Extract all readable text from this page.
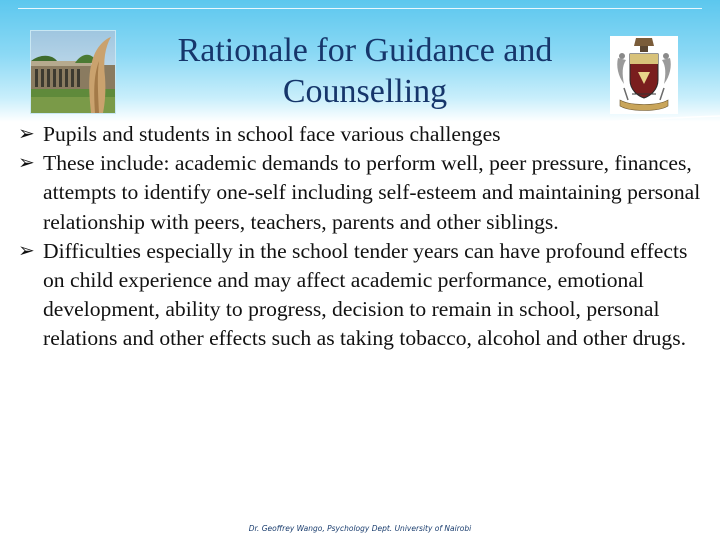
Rationale for Guidance and Counselling
➢ Pupils and students in school face various challenges
➢ These include: academic demands to perform well, peer pressure, finances, attempts to identify one-self including self-esteem and maintaining personal relationship with peers, teachers, parents and other siblings.
➢ Difficulties especially in the school tender years can have profound effects on child experience and may affect academic performance, emotional development, ability to progress, decision to remain in school, personal relations and other effects such as taking tobacco, alcohol and other drugs.
Dr. Geoffrey Wango, Psychology Dept. University of Nairobi
